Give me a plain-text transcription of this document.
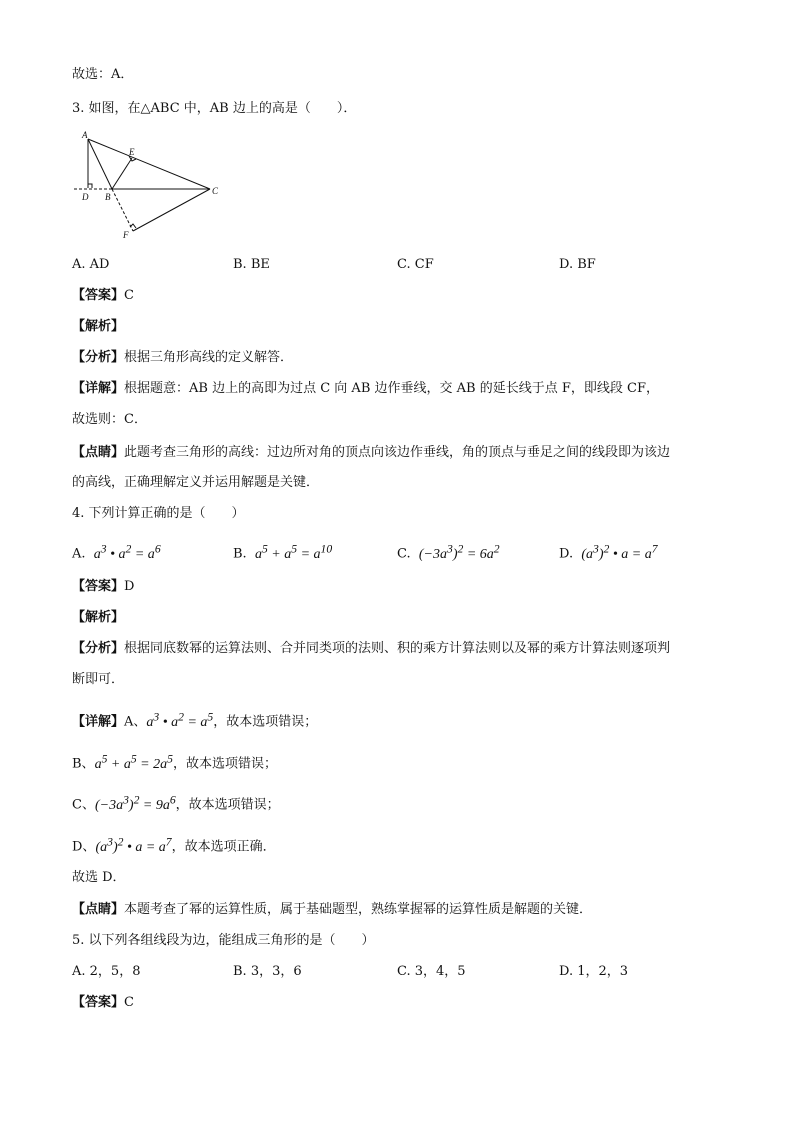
故选：A．
3. 如图，在△ABC 中，AB 边上的高是（　　）．
A
E
D B
C
F
A. AD	B. BE	C. CF	D. BF
【答案】C
【解析】
【分析】根据三角形高线的定义解答．
【详解】根据题意：AB 边上的高即为过点 C 向 AB 边作垂线，交 AB 的延长线于点 F，即线段 CF，
故选则：C．
【点睛】此题考查三角形的高线：过边所对角的顶点向该边作垂线，角的顶点与垂足之间的线段即为该边
的高线，正确理解定义并运用解题是关键．
4. 下列计算正确的是（　　）
A. $a^3$ • $a^2 = a^6$	B. $a^5 + a^5 = a^{10}$	C. $(-3a^3)^2 = 6a^2$	D. $(a^3)^2$ • $a = a^7$
【答案】D
【解析】
【分析】根据同底数幂的运算法则、合并同类项的法则、积的乘方计算法则以及幂的乘方计算法则逐项判
断即可．
【详解】A、$a^3$ • $a^2 = a^5$，故本选项错误；
B、$a^5 + a^5 = 2a^5$，故本选项错误；
C、$(-3a^3)^2 = 9a^6$，故本选项错误；
D、$(a^3)^2$ • $a = a^7$，故本选项正确．
故选 D．
【点睛】本题考查了幂的运算性质，属于基础题型，熟练掌握幂的运算性质是解题的关键．
5. 以下列各组线段为边，能组成三角形的是（　　）
A. 2，5，8	B. 3，3，6	C. 3，4，5	D. 1，2，3
【答案】C
